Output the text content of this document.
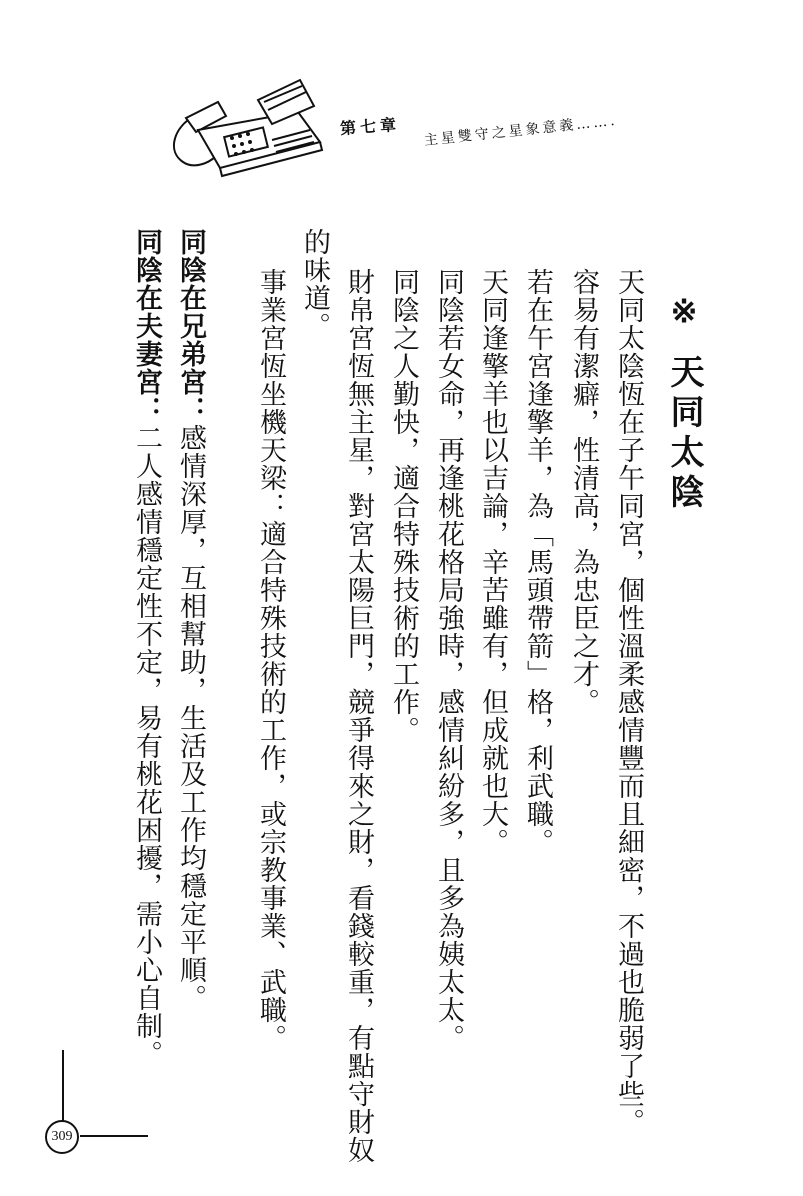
第七章 主星雙守之星象意義…….
※天同太陰
天同太陰恆在子午同宮，個性溫柔感情豐而且細密，不過也脆弱了些。
容易有潔癖，性清高，為忠臣之才。
若在午宮逢擎羊，為「馬頭帶箭」格，利武職。
天同逢擎羊也以吉論，辛苦雖有，但成就也大。
同陰若女命，再逢桃花格局強時，感情糾紛多，且多為姨太太。
同陰之人勤快，適合特殊技術的工作。
財帛宮恆無主星，對宮太陽巨門，競爭得來之財，看錢較重，有點守財奴
的味道。
事業宮恆坐機天梁：適合特殊技術的工作，或宗教事業、武職。
同陰在兄弟宮：感情深厚，互相幫助，生活及工作均穩定平順。
同陰在夫妻宮：二人感情穩定性不定，易有桃花困擾，需小心自制。
309
